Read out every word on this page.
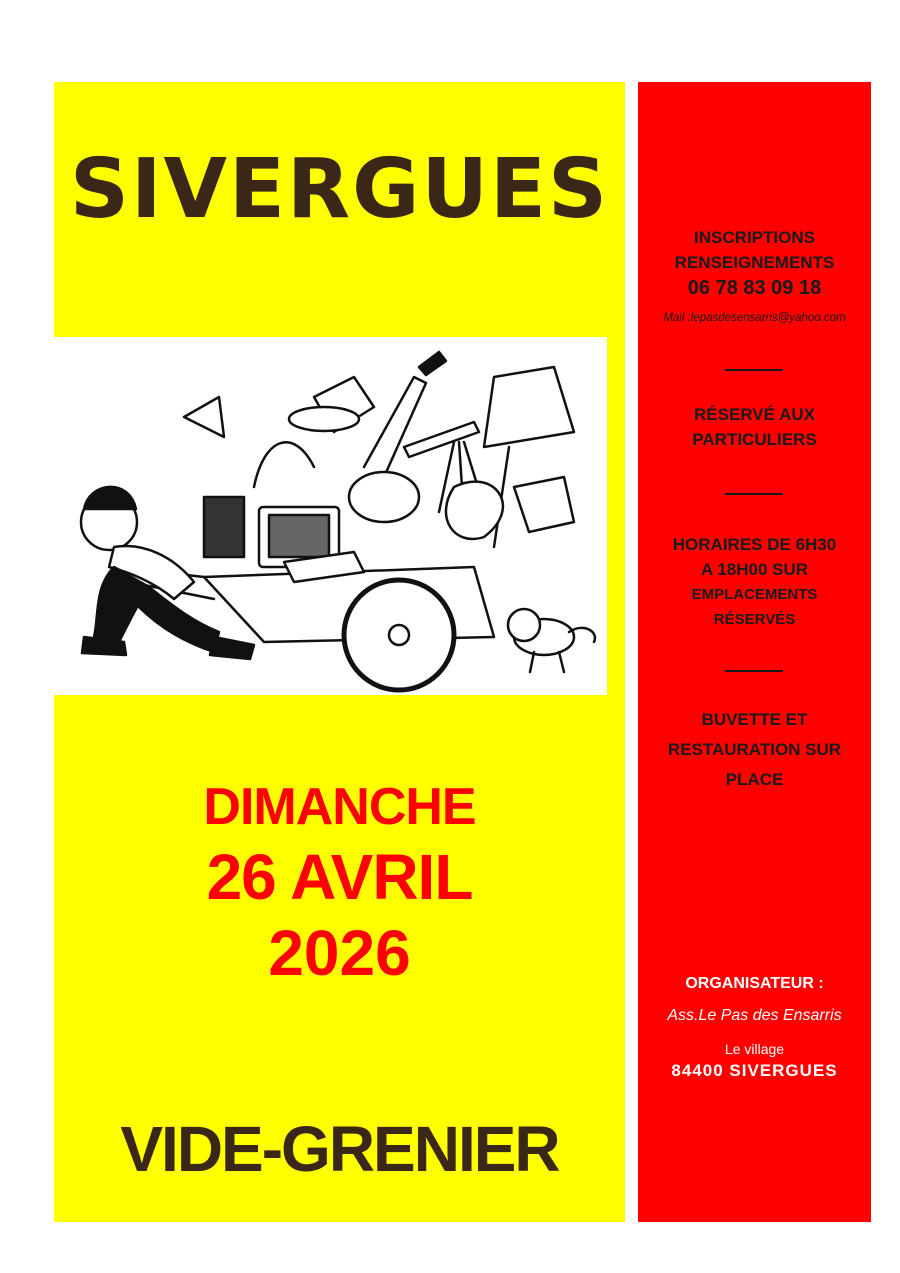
SIVERGUES
DIMANCHE
26 AVRIL
2026
VIDE-GRENIER
INSCRIPTIONS
RENSEIGNEMENTS
06 78 83 09 18
Mail :lepasdesensarris@yahoo.com
RÉSERVÉ AUX
PARTICULIERS
HORAIRES DE 6H30
A 18H00 SUR
EMPLACEMENTS
RÉSERVÉS
BUVETTE ET
RESTAURATION SUR
PLACE
ORGANISATEUR :
Ass.Le Pas des Ensarris
Le village
84400 SIVERGUES
